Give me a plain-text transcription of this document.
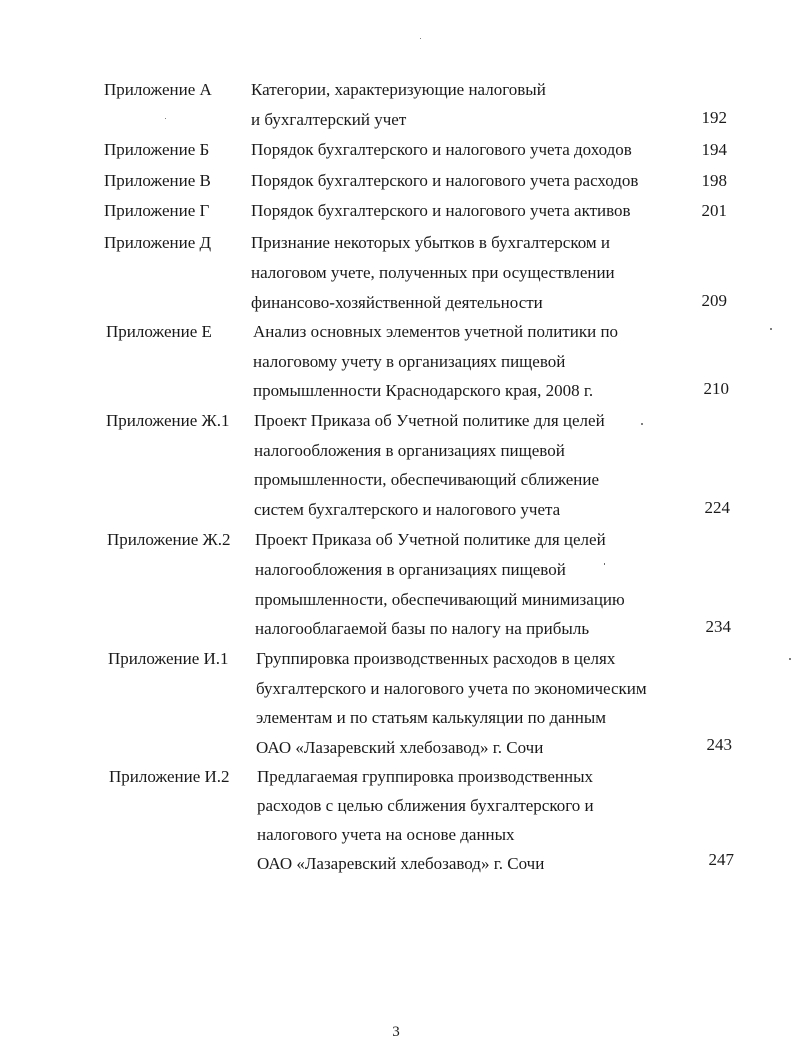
Приложение А Категории, характеризующие налоговый
и бухгалтерский учет	192
Приложение Б Порядок бухгалтерского и налогового учета доходов	194
Приложение В Порядок бухгалтерского и налогового учета расходов	198
Приложение Г Порядок бухгалтерского и налогового учета активов	201
Приложение Д Признание некоторых убытков в бухгалтерском и
налоговом учете, полученных при осуществлении
финансово-хозяйственной деятельности	209
Приложение Е Анализ основных элементов учетной политики по
налоговому учету в организациях пищевой
промышленности Краснодарского края, 2008 г.	210
Приложение Ж.1 Проект Приказа об Учетной политике для целей
налогообложения в организациях пищевой
промышленности, обеспечивающий сближение
систем бухгалтерского и налогового учета	224
Приложение Ж.2 Проект Приказа об Учетной политике для целей
налогообложения в организациях пищевой
промышленности, обеспечивающий минимизацию
налогооблагаемой базы по налогу на прибыль	234
Приложение И.1 Группировка производственных расходов в целях
бухгалтерского и налогового учета по экономическим
элементам и по статьям калькуляции по данным
ОАО «Лазаревский хлебозавод» г. Сочи	243
Приложение И.2 Предлагаемая группировка производственных
расходов с целью сближения бухгалтерского и
налогового учета на основе данных
ОАО «Лазаревский хлебозавод» г. Сочи	247
3
